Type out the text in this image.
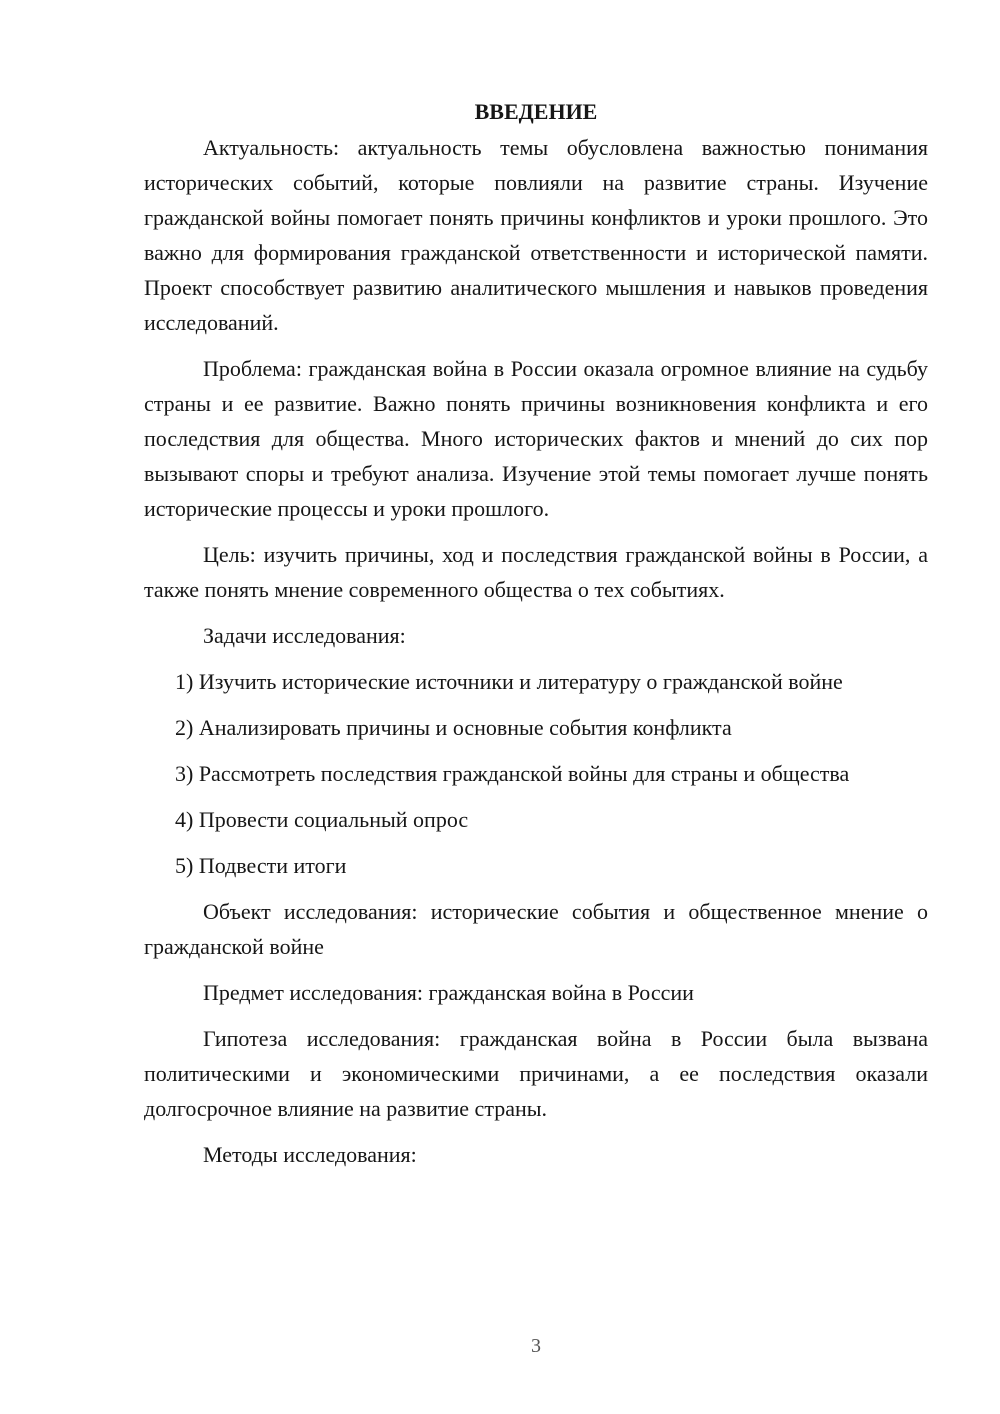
ВВЕДЕНИЕ

Актуальность: актуальность темы обусловлена важностью понимания исторических событий, которые повлияли на развитие страны. Изучение гражданской войны помогает понять причины конфликтов и уроки прошлого. Это важно для формирования гражданской ответственности и исторической памяти. Проект способствует развитию аналитического мышления и навыков проведения исследований.

Проблема: гражданская война в России оказала огромное влияние на судьбу страны и ее развитие. Важно понять причины возникновения конфликта и его последствия для общества. Много исторических фактов и мнений до сих пор вызывают споры и требуют анализа. Изучение этой темы помогает лучше понять исторические процессы и уроки прошлого.

Цель: изучить причины, ход и последствия гражданской войны в России, а также понять мнение современного общества о тех событиях.

Задачи исследования:

1) Изучить исторические источники и литературу о гражданской войне

2) Анализировать причины и основные события конфликта

3) Рассмотреть последствия гражданской войны для страны и общества

4) Провести социальный опрос

5) Подвести итоги

Объект исследования: исторические события и общественное мнение о гражданской войне

Предмет исследования: гражданская война в России

Гипотеза исследования: гражданская война в России была вызвана политическими и экономическими причинами, а ее последствия оказали долгосрочное влияние на развитие страны.

Методы исследования:

3
